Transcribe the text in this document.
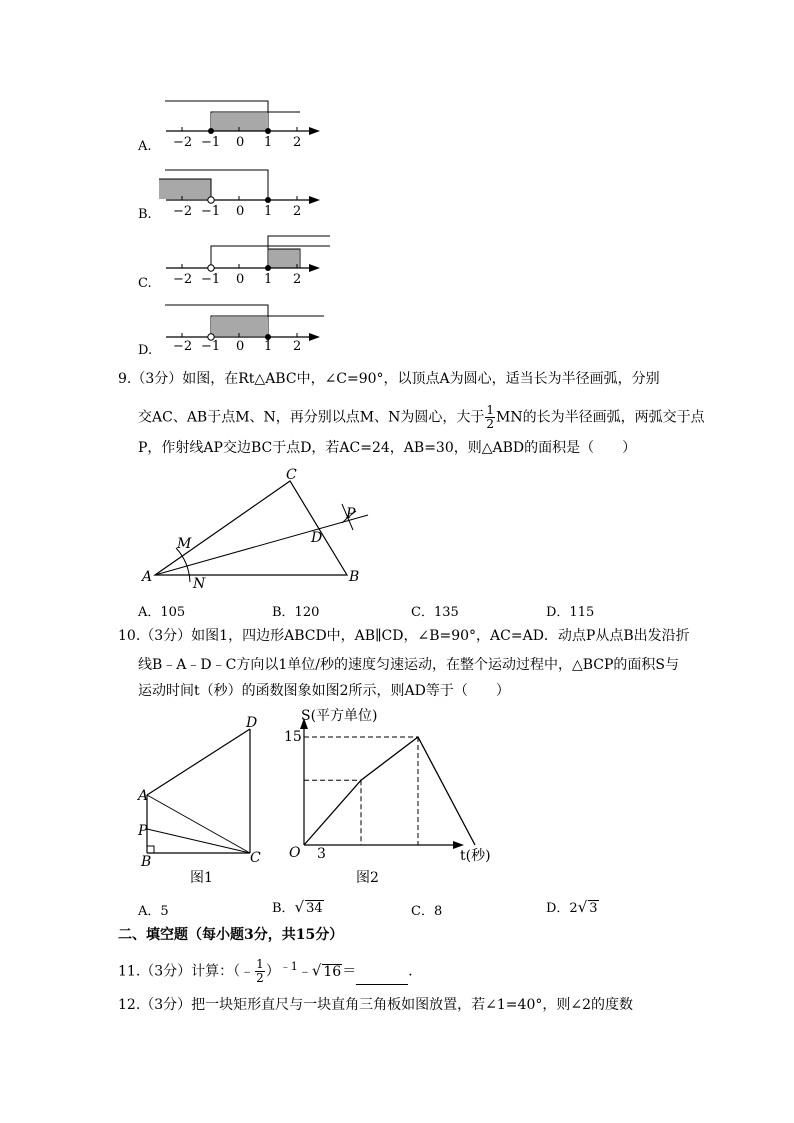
A. −2 −1 0 1 2
B. −2 −1 0 1 2
C. −2 −1 0 1 2
D. −2 −1 0 1 2
9.（3分）如图，在Rt△ABC中，∠C=90°，以顶点A为圆心，适当长为半径画弧，分别
交AC、AB于点M、N，再分别以点M、N为圆心，大于 $\frac{1}{2}$ MN的长为半径画弧，两弧交于点
P，作射线AP交边BC于点D，若AC=24，AB=30，则△ABD的面积是（　　）
A	B
C
D
M
N
P
A．105	B．120	C．135	D．115
10.（3分）如图1，四边形ABCD中，AB∥CD，∠B=90°，AC=AD．动点P从点B出发沿折
线B﹣A﹣D﹣C方向以1单位/秒的速度匀速运动，在整个运动过程中，△BCP的面积S与
运动时间t（秒）的函数图象如图2所示，则AD等于（　　）
A
B	C
D
P
图1
S(平方单位)
t(秒)
O 3
15
图2
A．5	B．√ 34	C．8	D．2√ 3
二、填空题（每小题3分，共15分）
11.（3分）计算：（﹣ $\frac{1}{2}$ ）$^{﹣1}$﹣√ 16＝	．
12.（3分）把一块矩形直尺与一块直角三角板如图放置，若∠1=40°，则∠2的度数
